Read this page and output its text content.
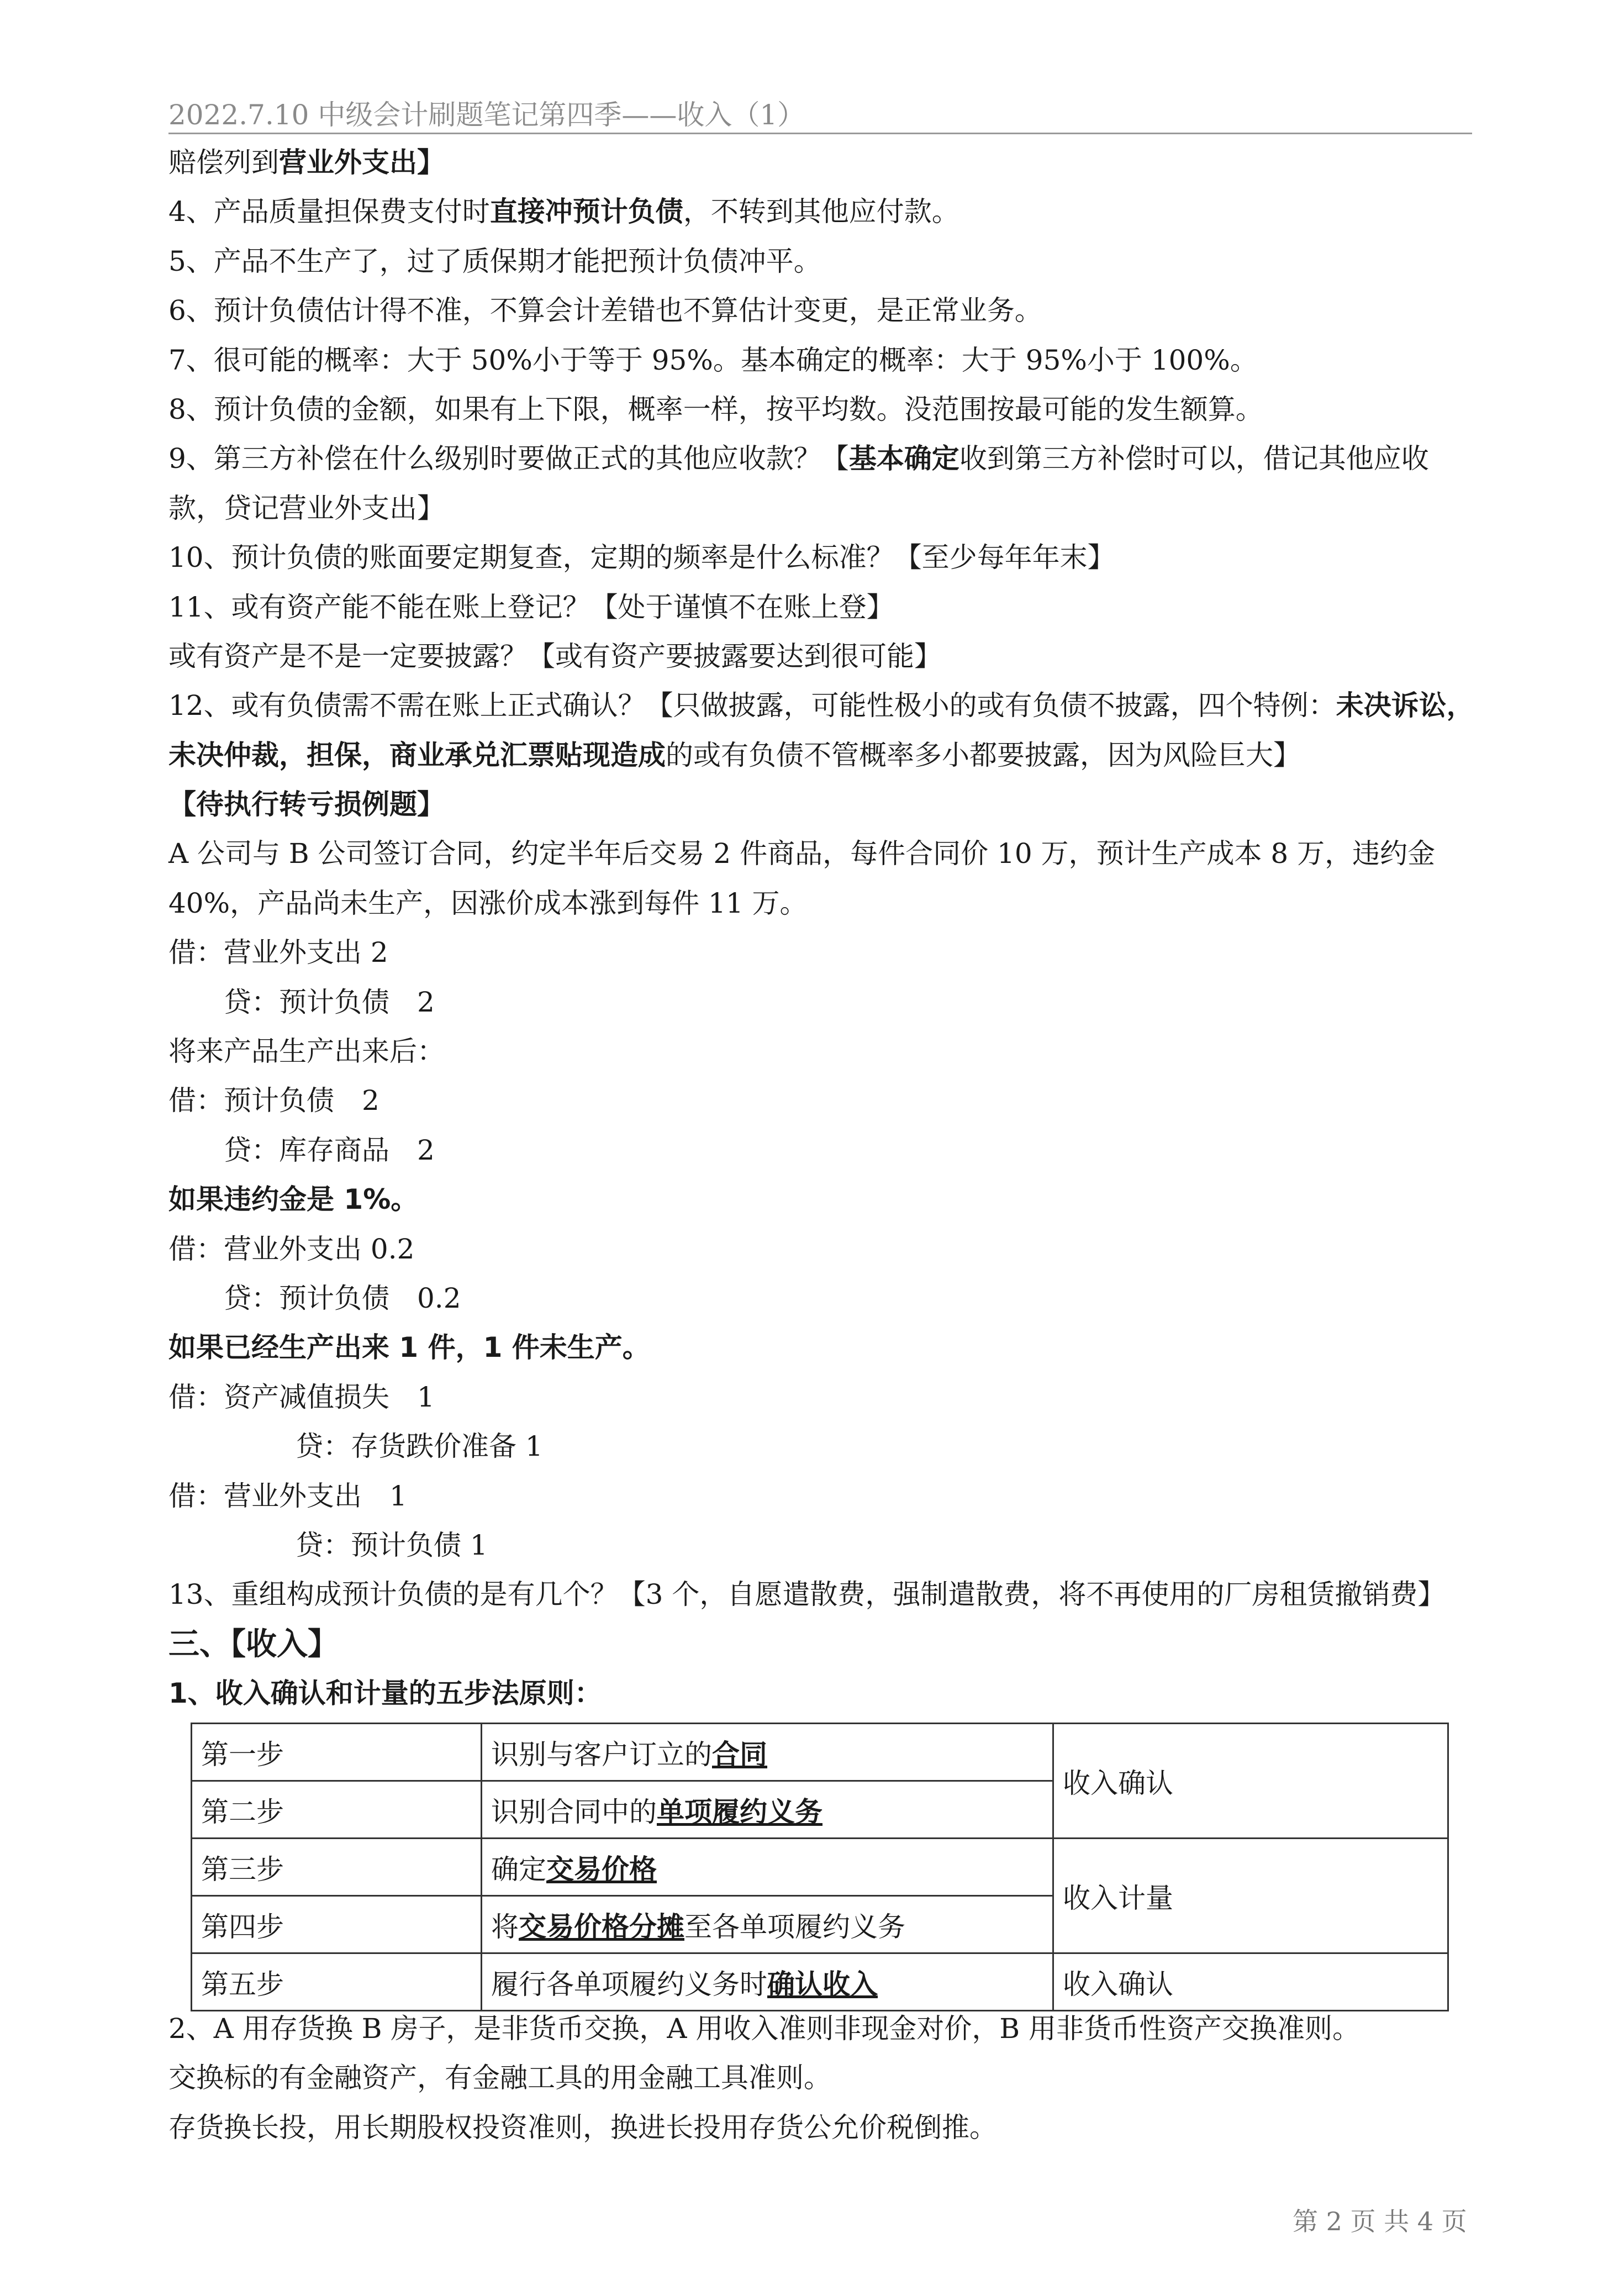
2022.7.10 中级会计刷题笔记第四季——收入（1）
赔偿列到营业外支出】
4、产品质量担保费支付时直接冲预计负债，不转到其他应付款。
5、产品不生产了，过了质保期才能把预计负债冲平。
6、预计负债估计得不准，不算会计差错也不算估计变更，是正常业务。
7、很可能的概率：大于 50%小于等于 95%。基本确定的概率：大于 95%小于 100%。
8、预计负债的金额，如果有上下限，概率一样，按平均数。没范围按最可能的发生额算。
9、第三方补偿在什么级别时要做正式的其他应收款？【基本确定收到第三方补偿时可以，借记其他应收
款，贷记营业外支出】
10、预计负债的账面要定期复查，定期的频率是什么标准？【至少每年年末】
11、或有资产能不能在账上登记？【处于谨慎不在账上登】
或有资产是不是一定要披露？【或有资产要披露要达到很可能】
12、或有负债需不需在账上正式确认？【只做披露，可能性极小的或有负债不披露，四个特例：未决诉讼，
未决仲裁，担保，商业承兑汇票贴现造成的或有负债不管概率多小都要披露，因为风险巨大】
【待执行转亏损例题】
A 公司与 B 公司签订合同，约定半年后交易 2 件商品，每件合同价 10 万，预计生产成本 8 万，违约金
40%，产品尚未生产，因涨价成本涨到每件 11 万。
借：营业外支出 2
贷：预计负债　2
将来产品生产出来后：
借：预计负债　2
贷：库存商品　2
如果违约金是 1%。
借：营业外支出 0.2
贷：预计负债　0.2
如果已经生产出来 1 件，1 件未生产。
借：资产减值损失　1
贷：存货跌价准备 1
借：营业外支出　1
贷：预计负债 1
13、重组构成预计负债的是有几个？【3 个，自愿遣散费，强制遣散费，将不再使用的厂房租赁撤销费】
三、【收入】
1、收入确认和计量的五步法原则：
第一步	识别与客户订立的合同	收入确认
第二步	识别合同中的单项履约义务	
第三步	确定交易价格	收入计量
第四步	将交易价格分摊至各单项履约义务	
第五步	履行各单项履约义务时确认收入	收入确认
2、A 用存货换 B 房子，是非货币交换，A 用收入准则非现金对价，B 用非货币性资产交换准则。
交换标的有金融资产，有金融工具的用金融工具准则。
存货换长投，用长期股权投资准则，换进长投用存货公允价税倒推。
第 2 页 共 4 页
